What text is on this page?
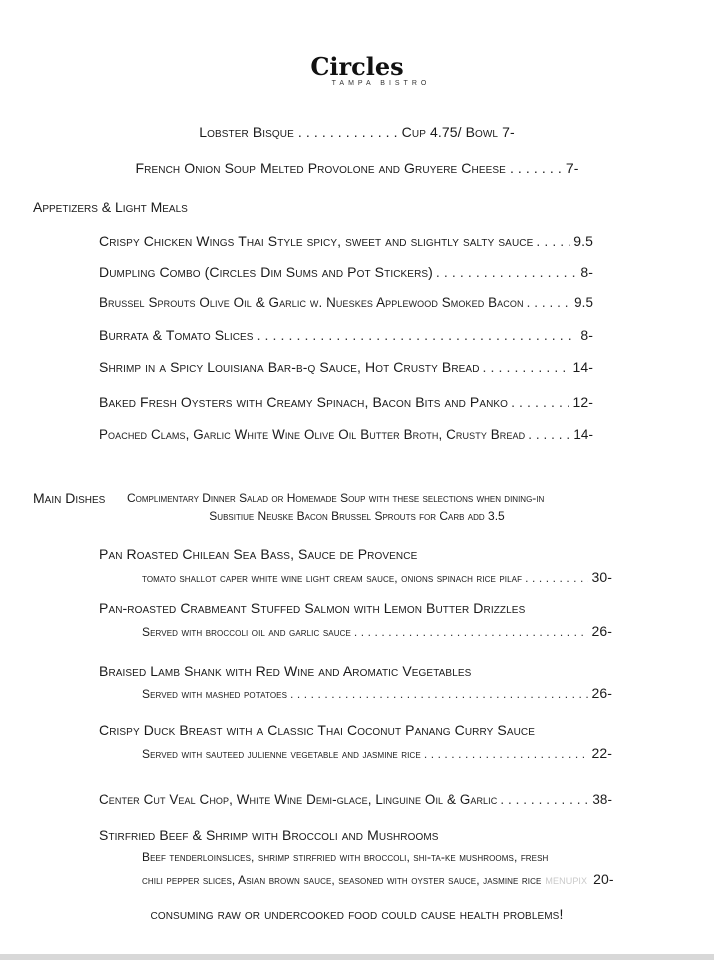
Circles
TAMPA BISTRO
Lobster Bisque . . . . . . . . . . . . . Cup 4.75/ Bowl 7-
French Onion Soup Melted Provolone and Gruyere Cheese . . . . . . . 7-
Appetizers & Light Meals
Crispy Chicken Wings Thai Style spicy, sweet and slightly salty sauce . . .	9.5
Dumpling Combo (Circles Dim Sums and Pot Stickers) . . .	8-
Brussel Sprouts Olive Oil & Garlic w. Nueskes Applewood Smoked Bacon . . .	9.5
Burrata & Tomato Slices . . .	8-
Shrimp in a Spicy Louisiana Bar-b-q Sauce, Hot Crusty Bread . . .	14-
Baked Fresh Oysters with Creamy Spinach, Bacon Bits and Panko . . .	12-
Poached Clams, Garlic White Wine Olive Oil Butter Broth, Crusty Bread . . .	14-
Main Dishes Complimentary Dinner Salad or Homemade Soup with these selections when dining-in
Subsitiue Neuske Bacon Brussel Sprouts for Carb add 3.5
Pan Roasted Chilean Sea Bass, Sauce de Provence
tomato shallot caper white wine light cream sauce, onions spinach rice pilaf . . .	30-
Pan-roasted Crabmeant Stuffed Salmon with Lemon Butter Drizzles
Served with broccoli oil and garlic sauce . . .	26-
Braised Lamb Shank with Red Wine and Aromatic Vegetables
Served with mashed potatoes . . .	26-
Crispy Duck Breast with a Classic Thai Coconut Panang Curry Sauce
Served with sauteed julienne vegetable and jasmine rice . . .	22-
Center Cut Veal Chop, White Wine Demi-glace, Linguine Oil & Garlic . . .	38-
Stirfried Beef & Shrimp with Broccoli and Mushrooms
Beef tenderloinslices, shrimp stirfried with broccoli, shi-ta-ke mushrooms, fresh
chili pepper slices, Asian brown sauce, seasoned with oyster sauce, jasmine rice menupix 20-
consuming raw or undercooked food could cause health problems!
